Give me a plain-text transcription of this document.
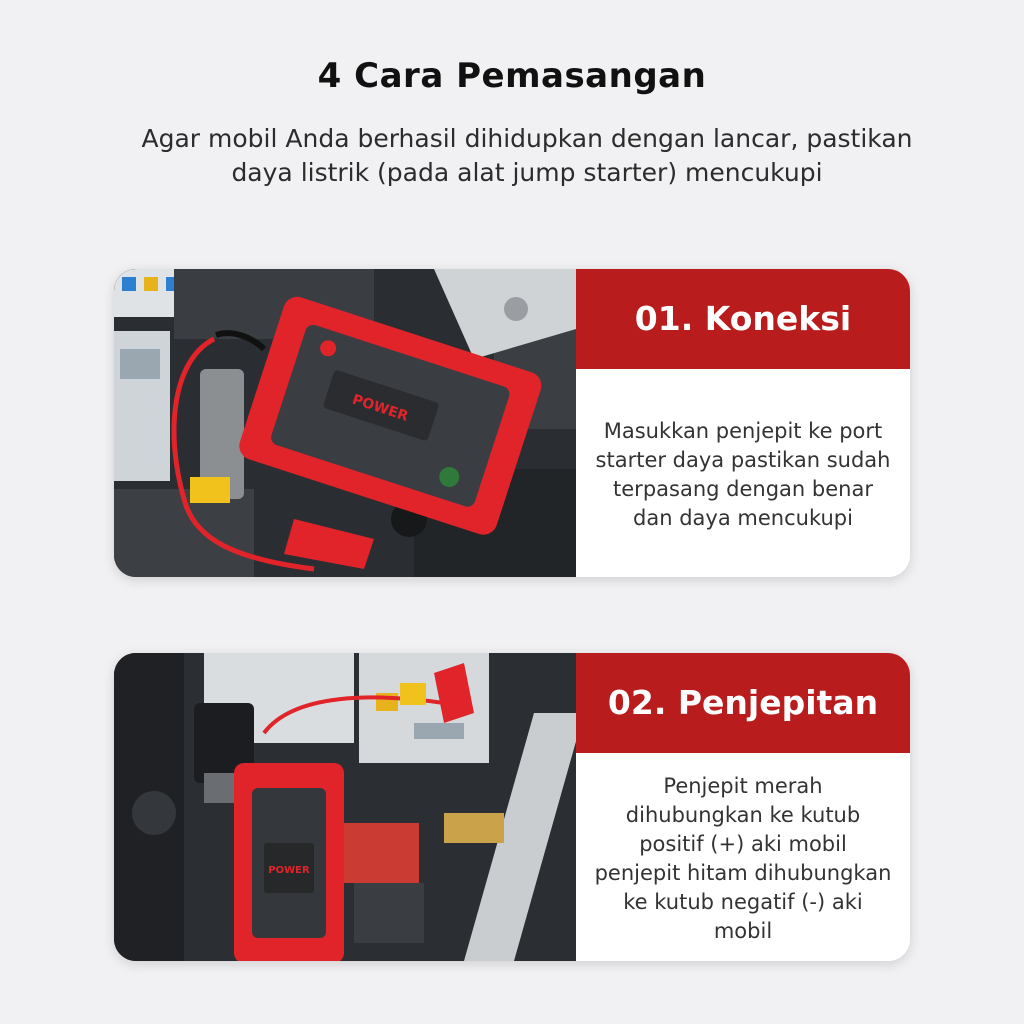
4 Cara Pemasangan
Agar mobil Anda berhasil dihidupkan dengan lancar, pastikan
daya listrik (pada alat jump starter) mencukupi
POWER
01. Koneksi
Masukkan penjepit ke port starter daya pastikan sudah terpasang dengan benar dan daya mencukupi
POWER
02. Penjepitan
Penjepit merah dihubungkan ke kutub positif (+) aki mobil penjepit hitam dihubungkan ke kutub negatif (-) aki mobil
